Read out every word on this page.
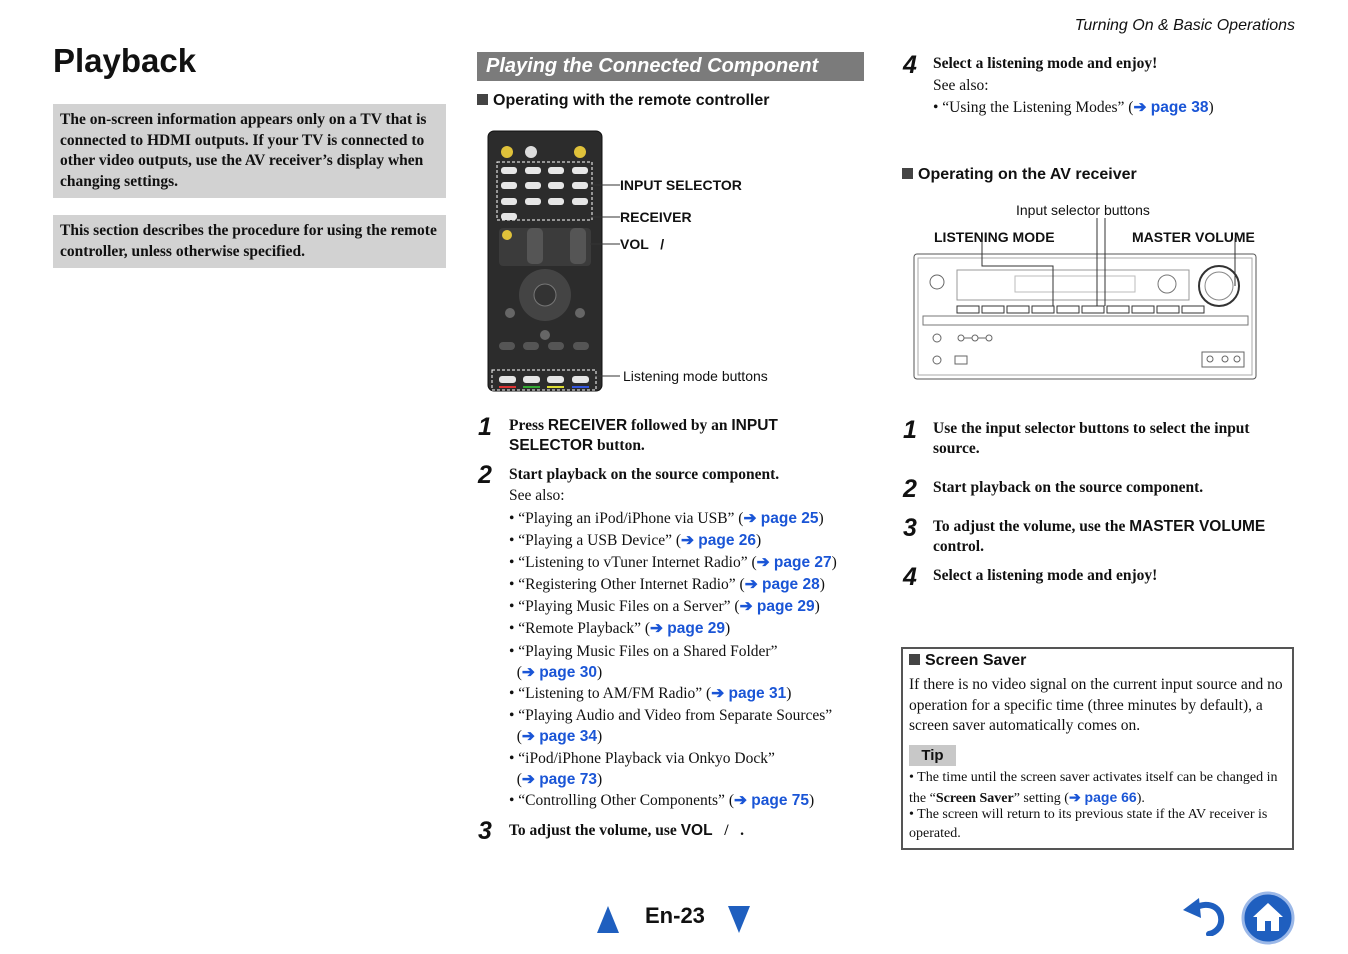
Turning On & Basic Operations
Playback
The on-screen information appears only on a TV that is connected to HDMI outputs. If your TV is connected to other video outputs, use the AV receiver’s display when changing settings.
This section describes the procedure for using the remote controller, unless otherwise specified.
Playing the Connected Component
Operating with the remote controller
INPUT SELECTOR
RECEIVER
VOL   /
Listening mode buttons
1 Press RECEIVER followed by an INPUT SELECTOR button.
2 Start playback on the source component.
See also:
• “Playing an iPod/iPhone via USB” (➔ page 25)
• “Playing a USB Device” (➔ page 26)
• “Listening to vTuner Internet Radio” (➔ page 27)
• “Registering Other Internet Radio” (➔ page 28)
• “Playing Music Files on a Server” (➔ page 29)
• “Remote Playback” (➔ page 29)
• “Playing Music Files on a Shared Folder”
(➔ page 30)
• “Listening to AM/FM Radio” (➔ page 31)
• “Playing Audio and Video from Separate Sources”
(➔ page 34)
• “iPod/iPhone Playback via Onkyo Dock”
(➔ page 73)
• “Controlling Other Components” (➔ page 75)
3 To adjust the volume, use VOL   /   .
4 Select a listening mode and enjoy!
See also:
• “Using the Listening Modes” (➔ page 38)
Operating on the AV receiver
Input selector buttons
LISTENING MODE	MASTER VOLUME
1 Use the input selector buttons to select the input source.
2 Start playback on the source component.
3 To adjust the volume, use the MASTER VOLUME control.
4 Select a listening mode and enjoy!
Screen Saver
If there is no video signal on the current input source and no operation for a specific time (three minutes by default), a screen saver automatically comes on.
Tip
• The time until the screen saver activates itself can be changed in the “Screen Saver” setting (➔ page 66).
• The screen will return to its previous state if the AV receiver is operated.
En-23
